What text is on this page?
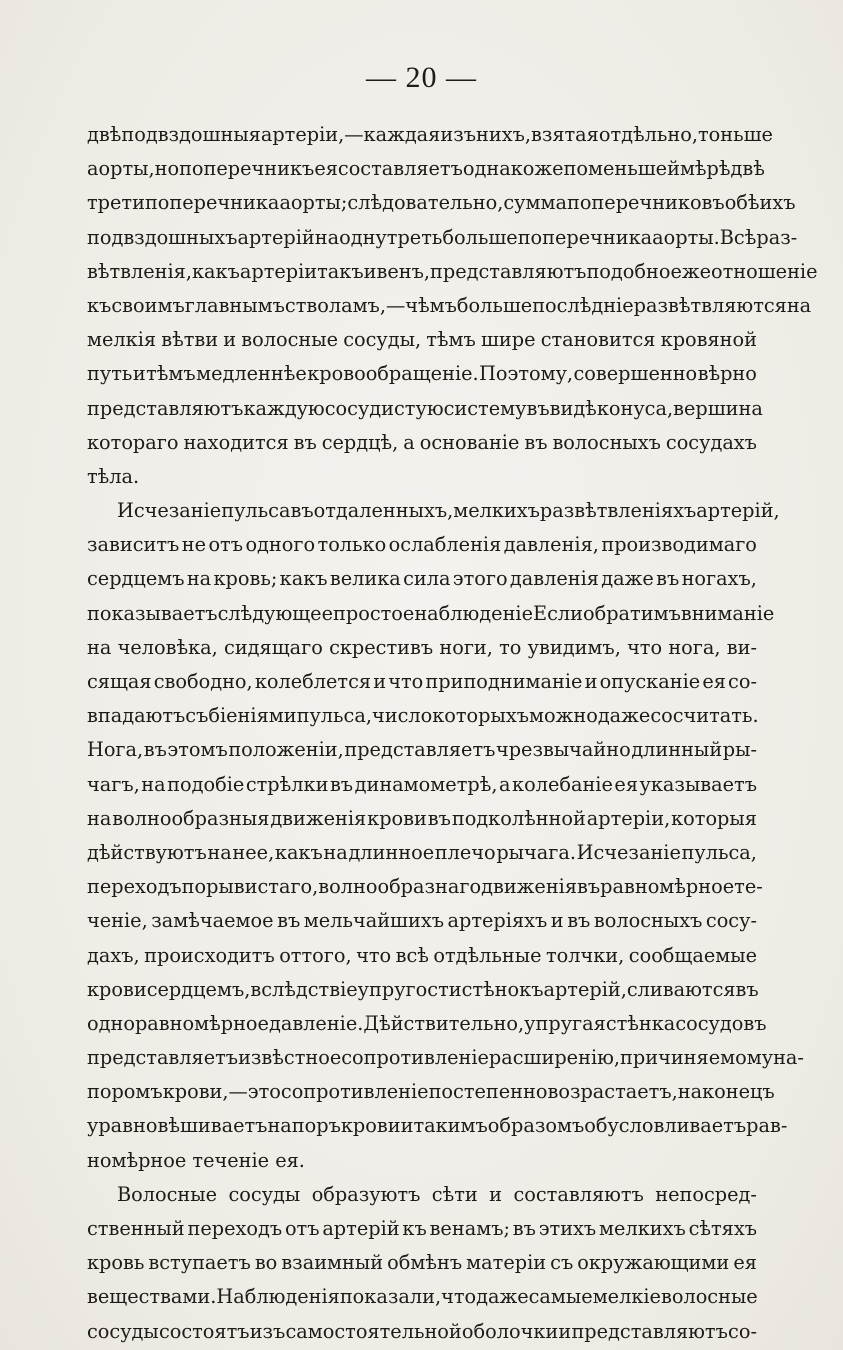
— 20 —
двѣ подвздошныя артеріи,—каждая изъ нихъ, взятая отдѣльно, тоньше
аорты, но поперечникъ ея составляетъ однакоже по меньшей мѣрѣ двѣ
трети поперечника аорты; слѣдовательно, сумма поперечниковъ обѣихъ
подвздошныхъ артерій на одну треть больше поперечника аорты. Всѣ раз-
вѣтвленія, какъ артеріи такъ и венъ, представляютъ подобное же отношеніе
къ своимъ главнымъ стволамъ, — чѣмъ больше послѣдніе развѣтвляются на
мелкія вѣтви и волосные сосуды, тѣмъ шире становится кровяной
путь и тѣмъ медленнѣе кровообращеніе. Поэтому, совершенно вѣрно
представляютъ каждую сосудистую систему въ видѣ конуса, вершина
котораго находится въ сердцѣ, а основаніе въ волосныхъ сосудахъ
тѣла.
Исчезаніе пульса въ отдаленныхъ, мелкихъ развѣтвленіяхъ артерій,
зависитъ не отъ одного только ослабленія давленія, производимаго
сердцемъ на кровь; какъ велика сила этого давленія даже въ ногахъ,
показываетъ слѣдующее простое наблюденіе Если обратимъ вниманіе
на человѣка, сидящаго скрестивъ ноги, то увидимъ, что нога, ви-
сящая свободно, колеблется и что приподниманіе и опусканіе ея со-
впадаютъ съ біеніями пульса, число которыхъ можно даже сосчитать.
Нога, въ этомъ положеніи, представляетъ чрезвычайно длинный ры-
чагъ, на подобіе стрѣлки въ динамометрѣ, а колебаніе ея указываетъ
на волнообразныя движенія крови въ подколѣнной артеріи, которыя
дѣйствуютъ на нее, какъ на длинное плечо рычага. Исчезаніе пульса,
переходъ порывистаго, волнообразнаго движенія въ равномѣрное те-
ченіе, замѣчаемое въ мельчайшихъ артеріяхъ и въ волосныхъ сосу-
дахъ, происходитъ оттого, что всѣ отдѣльные толчки, сообщаемые
крови сердцемъ, вслѣдствіе упругости стѣнокъ артерій, сливаются въ
одно равномѣрное давленіе. Дѣйствительно, упругая стѣнка сосудовъ
представляетъ извѣстное сопротивленіе расширенію, причиняемому на-
поромъ крови,—это сопротивленіе постепенно возрастаетъ, наконецъ
уравновѣшиваетъ напоръ крови и такимъ образомъ обусловливаетъ рав-
номѣрное теченіе ея.
Волосные сосуды образуютъ сѣти и составляютъ непосред-
ственный переходъ отъ артерій къ венамъ; въ этихъ мелкихъ сѣтяхъ
кровь вступаетъ во взаимный обмѣнъ матеріи съ окружающими ея
веществами. Наблюденія показали, что даже самые мелкіе волосные
сосуды состоятъ изъ самостоятельной оболочки и представляютъ со-
